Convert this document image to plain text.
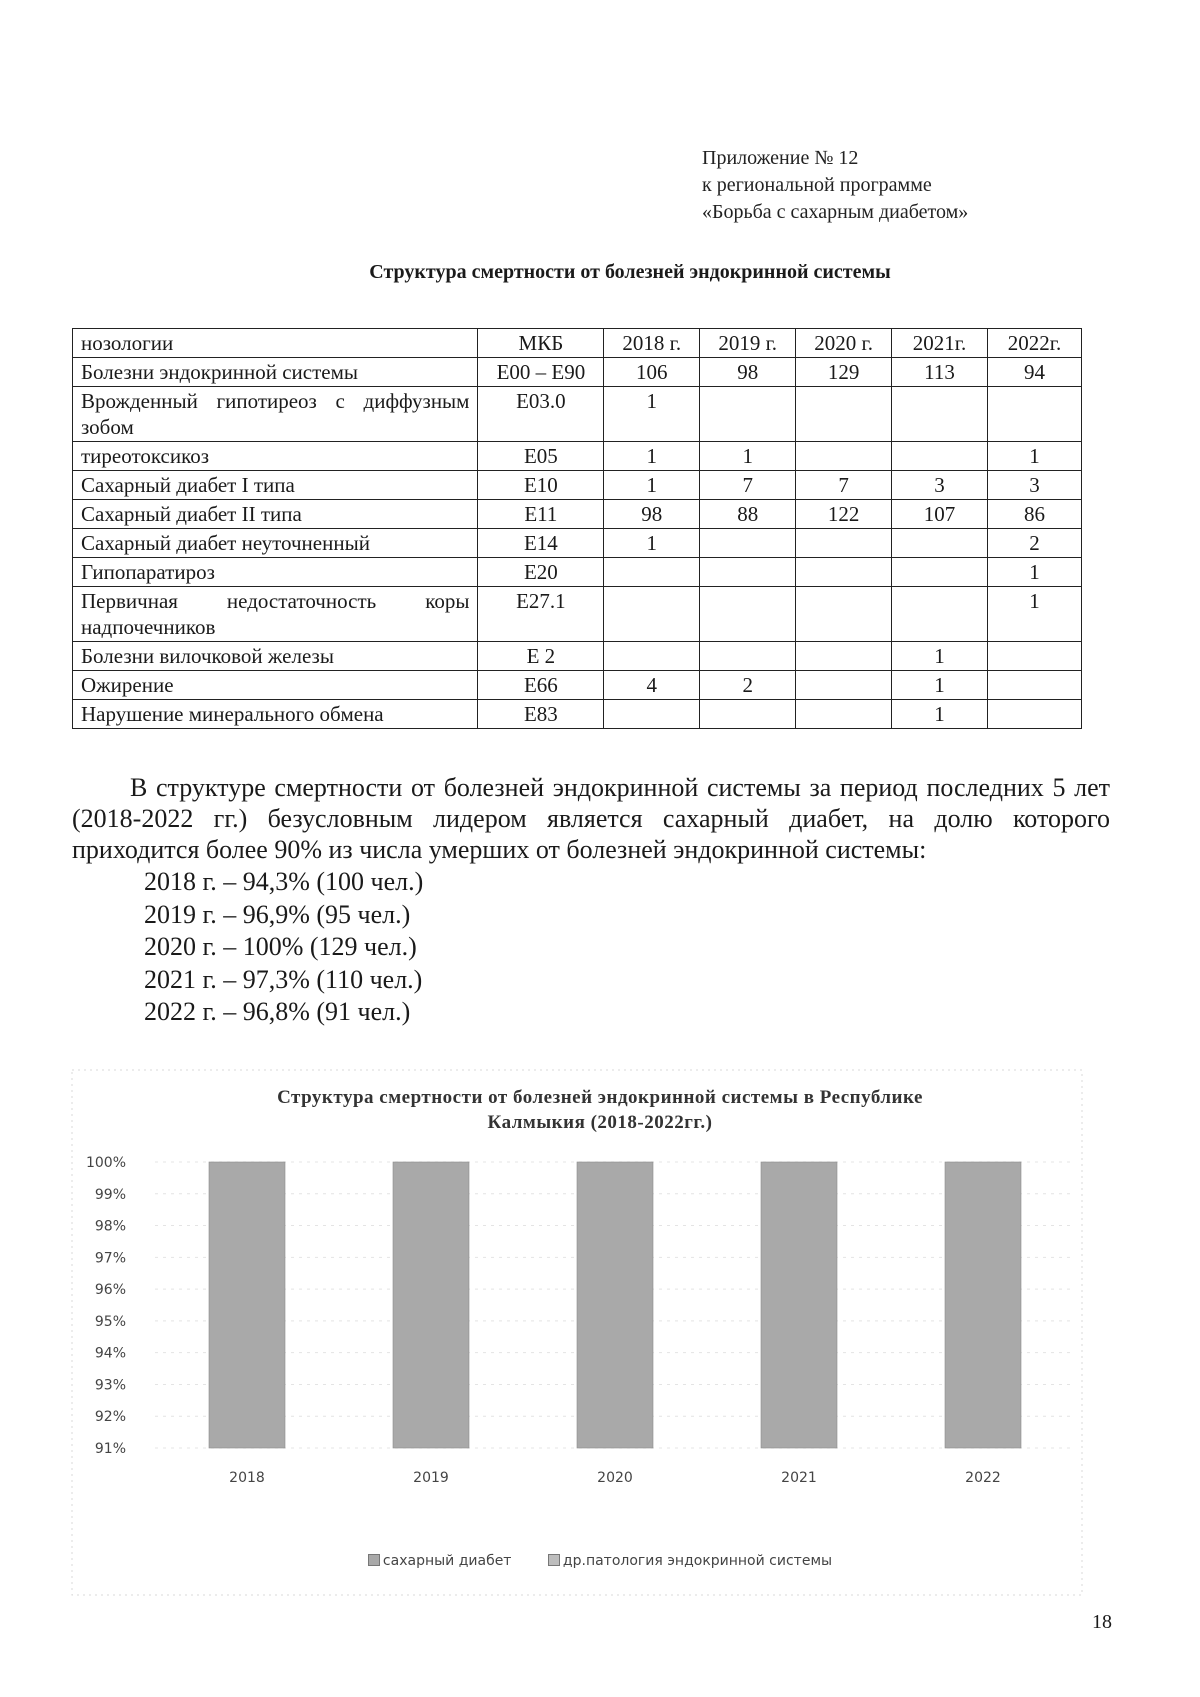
Приложение № 12
к региональной программе
«Борьба с сахарным диабетом»
Структура смертности от болезней эндокринной системы
нозологии	МКБ	2018 г.	2019 г.	2020 г.	2021г.	2022г.
Болезни эндокринной системы	Е00 – Е90	106	98	129	113	94
Врожденный гипотиреоз с диффузным зобом	Е03.0	1				
тиреотоксикоз	Е05	1	1			1
Сахарный диабет I типа	Е10	1	7	7	3	3
Сахарный диабет II типа	Е11	98	88	122	107	86
Сахарный диабет неуточненный	Е14	1				2
Гипопаратироз	Е20					1
Первичная недостаточность коры надпочечников	Е27.1					1
Болезни вилочковой железы	Е 2				1	
Ожирение	Е66	4	2		1	
Нарушение минерального обмена	Е83				1	

В структуре смертности от болезней эндокринной системы за период последних 5 лет (2018-2022 гг.) безусловным лидером является сахарный диабет, на долю которого приходится более 90% из числа умерших от болезней эндокринной системы:

2018 г. – 94,3% (100 чел.)
2019 г. – 96,9% (95 чел.)
2020 г. – 100% (129 чел.)
2021 г. – 97,3% (110 чел.)
2022 г. – 96,8% (91 чел.)
Структура смертности от болезней эндокринной системы в Республике
Калмыкия (2018-2022гг.)
91%
92%
93%
94%
95%
96%
97%
98%
99%
100%
2018	2019	2020	2021	2022
сахарный диабет	др.патология эндокринной системы
18
